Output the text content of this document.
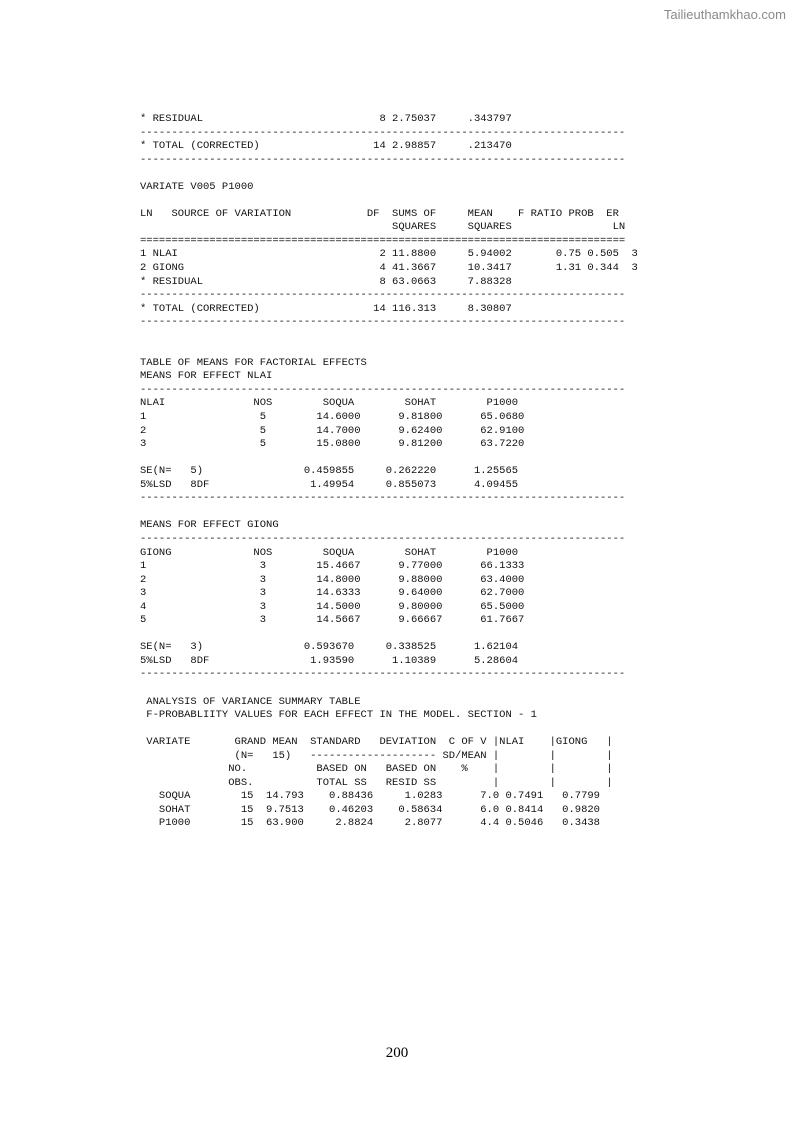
Tailieuthamkhao.com
* RESIDUAL                            8 2.75037     .343797
-----------------------------------------------------------------------------
* TOTAL (CORRECTED)                  14 2.98857     .213470
-----------------------------------------------------------------------------

VARIATE V005 P1000

LN   SOURCE OF VARIATION            DF  SUMS OF     MEAN    F RATIO PROB  ER
SQUARES     SQUARES                LN
=============================================================================
1 NLAI                                2 11.8800     5.94002       0.75 0.505  3
2 GIONG                               4 41.3667     10.3417       1.31 0.344  3
* RESIDUAL                            8 63.0663     7.88328
-----------------------------------------------------------------------------
* TOTAL (CORRECTED)                  14 116.313     8.30807
-----------------------------------------------------------------------------

TABLE OF MEANS FOR FACTORIAL EFFECTS
MEANS FOR EFFECT NLAI
-----------------------------------------------------------------------------
NLAI              NOS        SOQUA        SOHAT        P1000
1                  5        14.6000      9.81800      65.0680
2                  5        14.7000      9.62400      62.9100
3                  5        15.0800      9.81200      63.7220

SE(N=   5)                0.459855     0.262220      1.25565
5%LSD   8DF                1.49954     0.855073      4.09455
-----------------------------------------------------------------------------

MEANS FOR EFFECT GIONG
-----------------------------------------------------------------------------
GIONG             NOS        SOQUA        SOHAT        P1000
1                  3        15.4667      9.77000      66.1333
2                  3        14.8000      9.88000      63.4000
3                  3        14.6333      9.64000      62.7000
4                  3        14.5000      9.80000      65.5000
5                  3        14.5667      9.66667      61.7667

SE(N=   3)                0.593670     0.338525      1.62104
5%LSD   8DF                1.93590      1.10389      5.28604
-----------------------------------------------------------------------------

ANALYSIS OF VARIANCE SUMMARY TABLE
F-PROBABLIITY VALUES FOR EACH EFFECT IN THE MODEL. SECTION - 1

VARIATE       GRAND MEAN  STANDARD   DEVIATION  C OF V |NLAI    |GIONG   |
(N=   15)   -------------------- SD/MEAN |        |        |
NO.           BASED ON   BASED ON    %    |        |        |
OBS.          TOTAL SS   RESID SS         |        |        |
SOQUA        15  14.793    0.88436     1.0283      7.0 0.7491   0.7799
SOHAT        15  9.7513    0.46203    0.58634      6.0 0.8414   0.9820
P1000        15  63.900     2.8824     2.8077      4.4 0.5046   0.3438

200
